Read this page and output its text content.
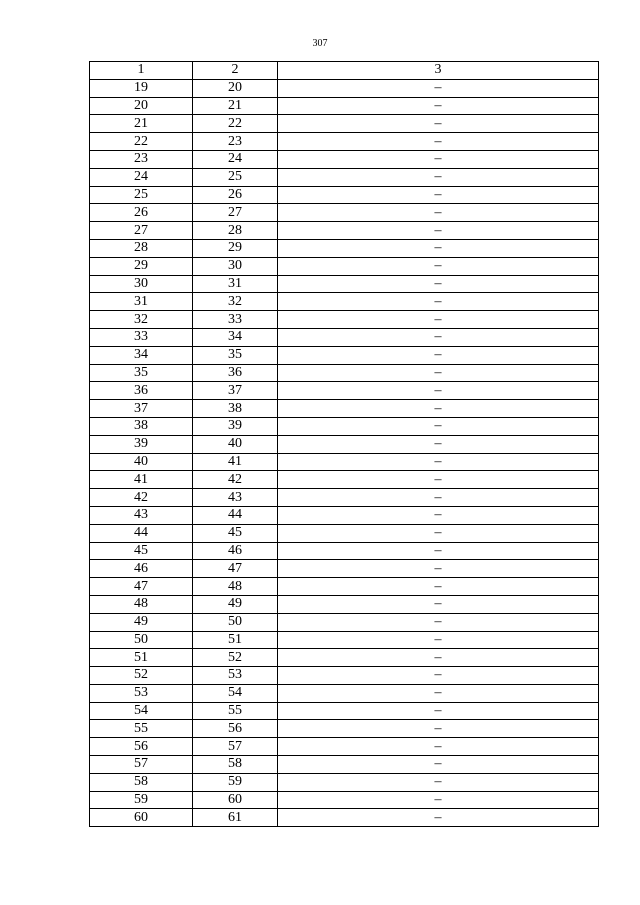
307
1	2	3
19	20	–
20	21	–
21	22	–
22	23	–
23	24	–
24	25	–
25	26	–
26	27	–
27	28	–
28	29	–
29	30	–
30	31	–
31	32	–
32	33	–
33	34	–
34	35	–
35	36	–
36	37	–
37	38	–
38	39	–
39	40	–
40	41	–
41	42	–
42	43	–
43	44	–
44	45	–
45	46	–
46	47	–
47	48	–
48	49	–
49	50	–
50	51	–
51	52	–
52	53	–
53	54	–
54	55	–
55	56	–
56	57	–
57	58	–
58	59	–
59	60	–
60	61	–
